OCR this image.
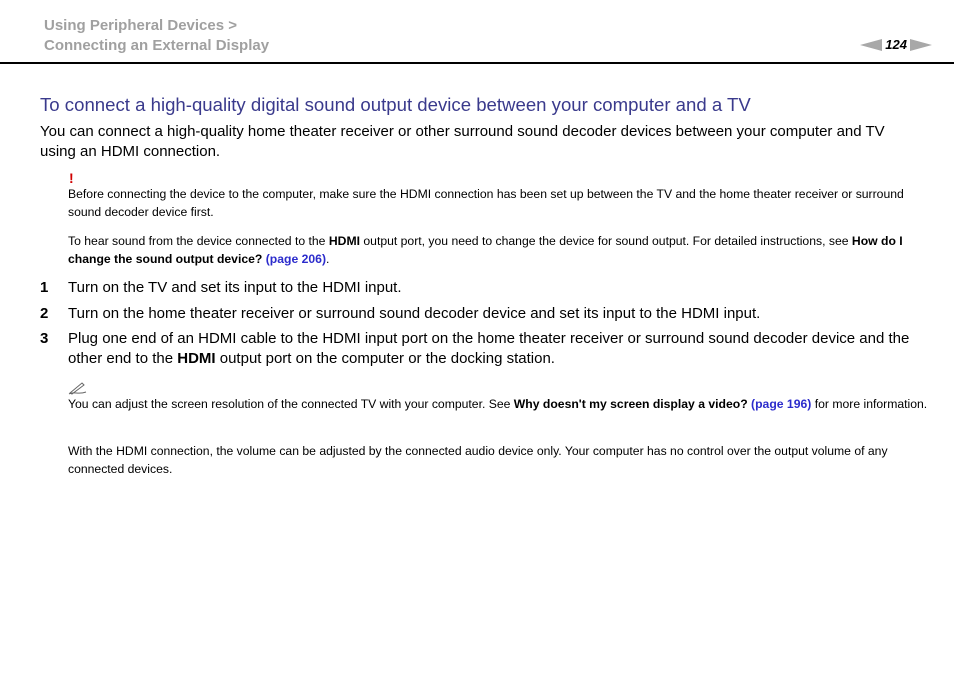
Using Peripheral Devices >
Connecting an External Display	124
To connect a high-quality digital sound output device between your computer and a TV

You can connect a high-quality home theater receiver or other surround sound decoder devices between your computer and TV using an HDMI connection.

!
Before connecting the device to the computer, make sure the HDMI connection has been set up between the TV and the home theater receiver or surround sound decoder device first.
To hear sound from the device connected to the HDMI output port, you need to change the device for sound output. For detailed instructions, see How do I change the sound output device? (page 206).
1	Turn on the TV and set its input to the HDMI input.
2	Turn on the home theater receiver or surround sound decoder device and set its input to the HDMI input.
3	Plug one end of an HDMI cable to the HDMI input port on the home theater receiver or surround sound decoder device and the other end to the HDMI output port on the computer or the docking station.
You can adjust the screen resolution of the connected TV with your computer. See Why doesn't my screen display a video? (page 196) for more information.
With the HDMI connection, the volume can be adjusted by the connected audio device only. Your computer has no control over the output volume of any connected devices.
